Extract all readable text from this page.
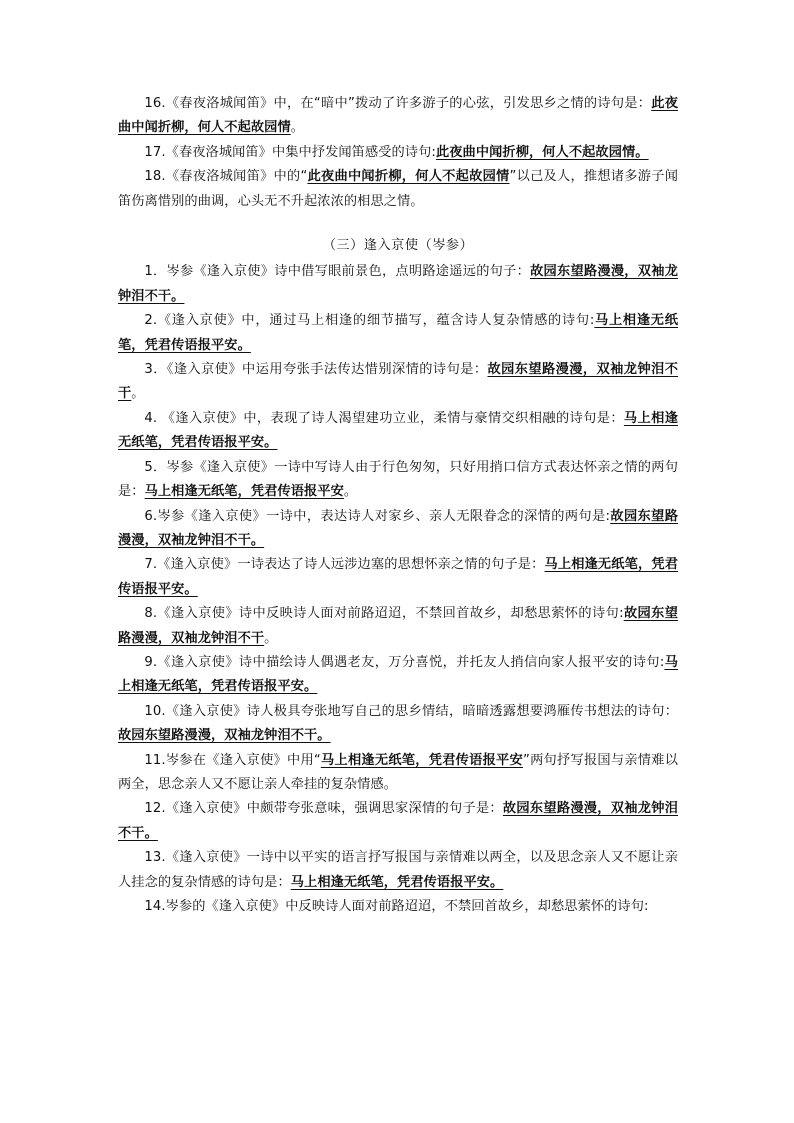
16.《春夜洛城闻笛》中，在“暗中”拨动了许多游子的心弦，引发思乡之情的诗句是：此夜曲中闻折柳，何人不起故园情。

17.《春夜洛城闻笛》中集中抒发闻笛感受的诗句:此夜曲中闻折柳，何人不起故园情。

18.《春夜洛城闻笛》中的“此夜曲中闻折柳，何人不起故园情”以己及人，推想诸多游子闻笛伤离惜别的曲调，心头无不升起浓浓的相思之情。

（三）逢入京使（岑参）

1．岑参《逢入京使》诗中借写眼前景色，点明路途遥远的句子：故园东望路漫漫，双袖龙钟泪不干。

2.《逢入京使》中，通过马上相逢的细节描写，蕴含诗人复杂情感的诗句:马上相逢无纸笔，凭君传语报平安。

3．《逢入京使》中运用夸张手法传达惜别深情的诗句是：故园东望路漫漫，双袖龙钟泪不干。

4. 《逢入京使》中，表现了诗人渴望建功立业，柔情与豪情交织相融的诗句是：马上相逢无纸笔，凭君传语报平安。

5．岑参《逢入京使》一诗中写诗人由于行色匆匆，只好用捎口信方式表达怀亲之情的两句是：马上相逢无纸笔，凭君传语报平安。

6.岑参《逢入京使》一诗中，表达诗人对家乡、亲人无限眷念的深情的两句是:故园东望路漫漫，双袖龙钟泪不干。

7.《逢入京使》一诗表达了诗人远涉边塞的思想怀亲之情的句子是：马上相逢无纸笔，凭君传语报平安。

8.《逢入京使》诗中反映诗人面对前路迢迢，不禁回首故乡，却愁思萦怀的诗句:故园东望路漫漫，双袖龙钟泪不干。

9.《逢入京使》诗中描绘诗人偶遇老友，万分喜悦，并托友人捎信向家人报平安的诗句:马上相逢无纸笔，凭君传语报平安。

10.《逢入京使》诗人极具夸张地写自己的思乡情结，暗暗透露想要鸿雁传书想法的诗句：故园东望路漫漫，双袖龙钟泪不干。

11.岑参在《逢入京使》中用“马上相逢无纸笔，凭君传语报平安”两句抒写报国与亲情难以两全，思念亲人又不愿让亲人牵挂的复杂情感。

12.《逢入京使》中颇带夸张意味，强调思家深情的句子是：故园东望路漫漫，双袖龙钟泪不干。

13.《逢入京使》一诗中以平实的语言抒写报国与亲情难以两全，以及思念亲人又不愿让亲人挂念的复杂情感的诗句是：马上相逢无纸笔，凭君传语报平安。

14.岑参的《逢入京使》中反映诗人面对前路迢迢，不禁回首故乡，却愁思萦怀的诗句:
